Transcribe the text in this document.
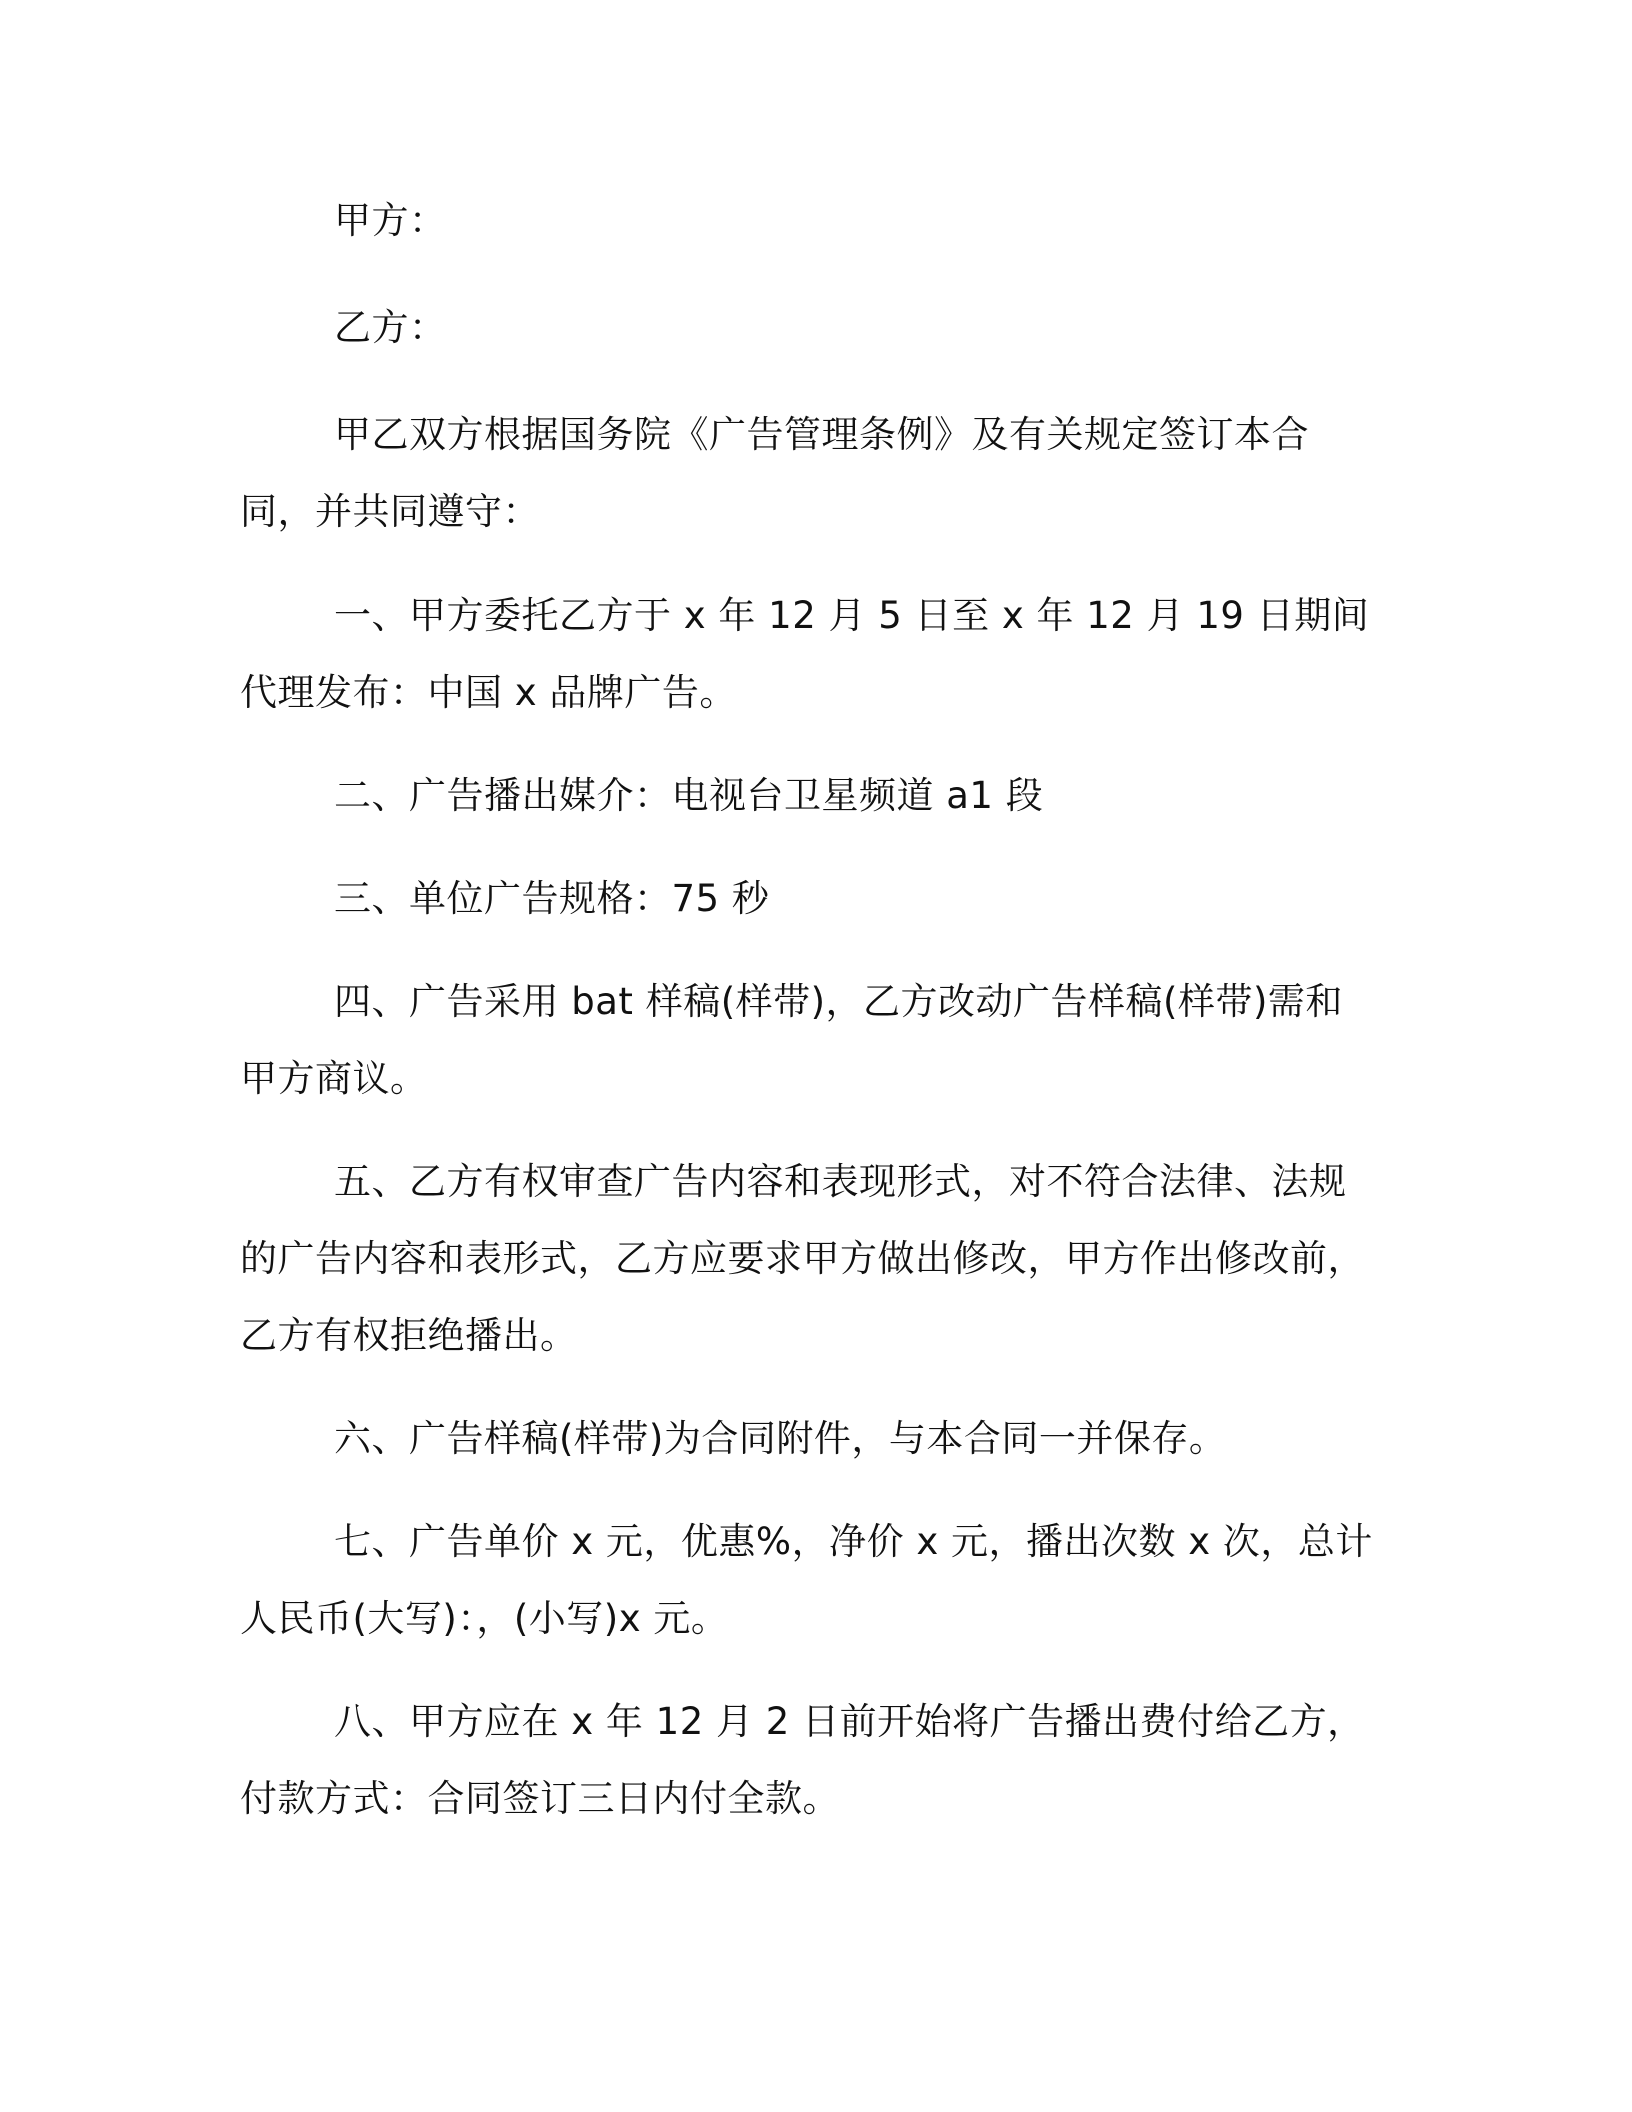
甲方：

乙方：

甲乙双方根据国务院《广告管理条例》及有关规定签订本合同，并共同遵守：

一、甲方委托乙方于 x 年 12 月 5 日至 x 年 12 月 19 日期间代理发布：中国 x 品牌广告。

二、广告播出媒介：电视台卫星频道 a1 段

三、单位广告规格：75 秒

四、广告采用 bat 样稿(样带)，乙方改动广告样稿(样带)需和甲方商议。

五、乙方有权审查广告内容和表现形式，对不符合法律、法规的广告内容和表形式，乙方应要求甲方做出修改，甲方作出修改前，乙方有权拒绝播出。

六、广告样稿(样带)为合同附件，与本合同一并保存。

七、广告单价 x 元，优惠%，净价 x 元，播出次数 x 次，总计人民币(大写)：，(小写)x 元。

八、甲方应在 x 年 12 月 2 日前开始将广告播出费付给乙方，付款方式：合同签订三日内付全款。
